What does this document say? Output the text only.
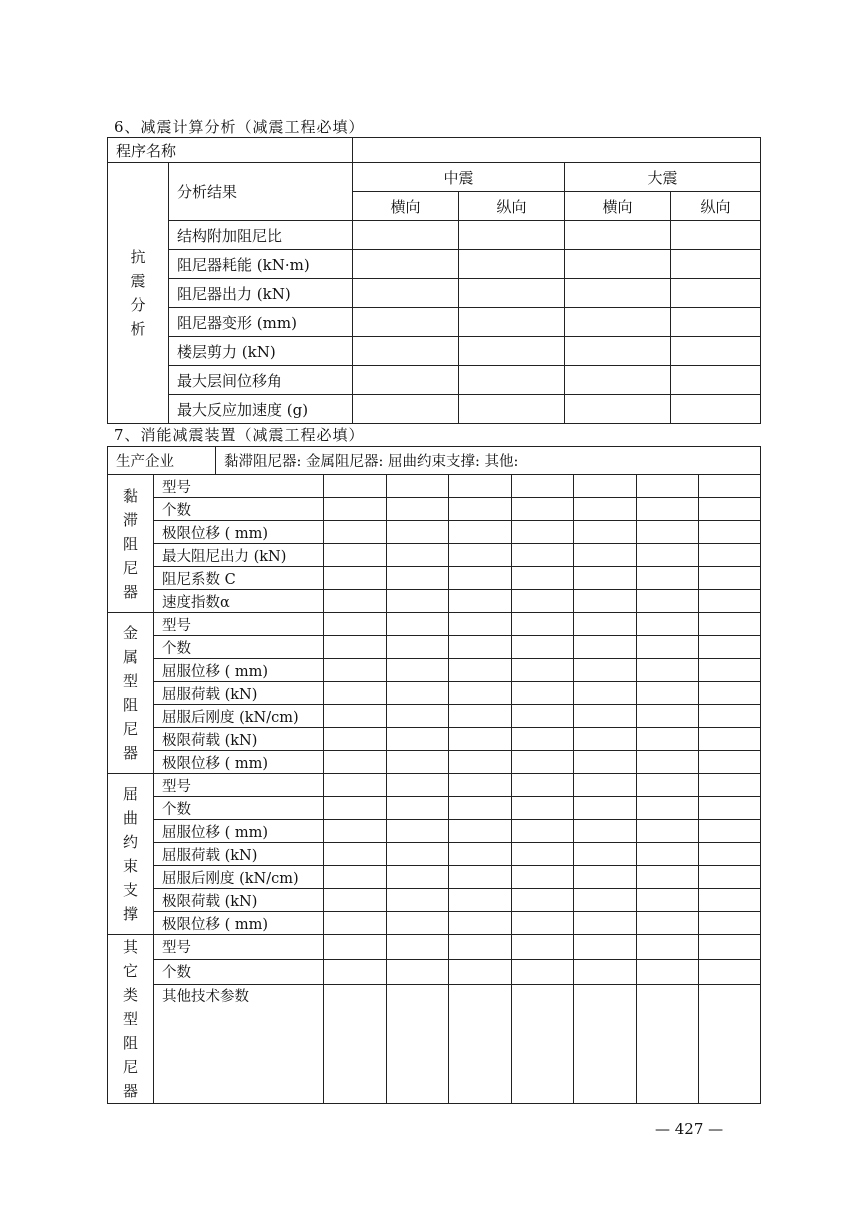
6、减震计算分析（减震工程必填）
程序名称					
抗震分析	分析结果	中震		大震	
		横向	纵向	横向	纵向
	结构附加阻尼比				
	阻尼器耗能 (kN·m)				
	阻尼器出力 (kN)				
	阻尼器变形 (mm)				
	楼层剪力 (kN)				
	最大层间位移角				
	最大反应加速度 (g)				
7、消能减震装置（减震工程必填）
生产企业		黏滞阻尼器: 金属阻尼器: 屈曲约束支撑: 其他:							
黏滞阻尼器	型号								
	个数								
	极限位移 ( mm)								
	最大阻尼出力 (kN)								
	阻尼系数 C								
	速度指数α								
金属型阻尼器	型号								
	个数								
	屈服位移 ( mm)								
	屈服荷载 (kN)								
	屈服后刚度 (kN/cm)								
	极限荷载 (kN)								
	极限位移 ( mm)								
屈曲约束支撑	型号								
	个数								
	屈服位移 ( mm)								
	屈服荷载 (kN)								
	屈服后刚度 (kN/cm)								
	极限荷载 (kN)								
	极限位移 ( mm)								
其它类型阻尼器	型号								
	个数								
	其他技术参数								
— 427 —
